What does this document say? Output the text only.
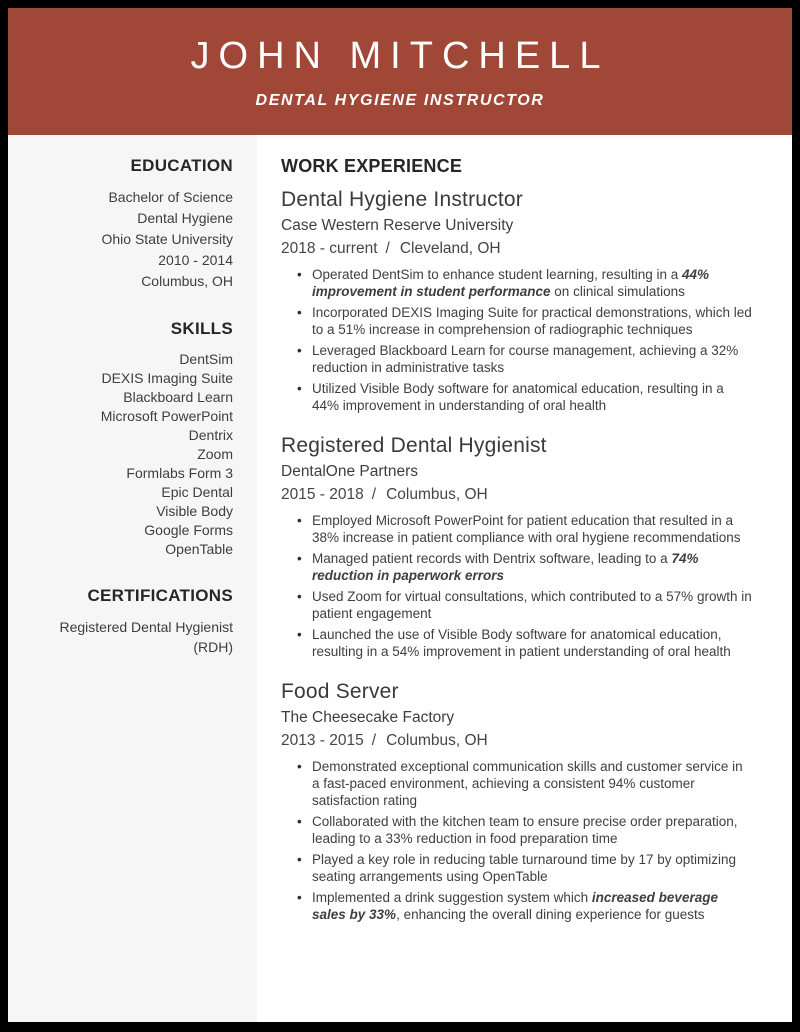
JOHN MITCHELL
DENTAL HYGIENE INSTRUCTOR
EDUCATION
Bachelor of Science
Dental Hygiene
Ohio State University
2010 - 2014
Columbus, OH
SKILLS
DentSim
DEXIS Imaging Suite
Blackboard Learn
Microsoft PowerPoint
Dentrix
Zoom
Formlabs Form 3
Epic Dental
Visible Body
Google Forms
OpenTable
CERTIFICATIONS
Registered Dental Hygienist (RDH)
WORK EXPERIENCE
Dental Hygiene Instructor
Case Western Reserve University
2018 - current / Cleveland, OH
• Operated DentSim to enhance student learning, resulting in a 44% improvement in student performance on clinical simulations
• Incorporated DEXIS Imaging Suite for practical demonstrations, which led to a 51% increase in comprehension of radiographic techniques
• Leveraged Blackboard Learn for course management, achieving a 32% reduction in administrative tasks
• Utilized Visible Body software for anatomical education, resulting in a 44% improvement in understanding of oral health
Registered Dental Hygienist
DentalOne Partners
2015 - 2018 / Columbus, OH
• Employed Microsoft PowerPoint for patient education that resulted in a 38% increase in patient compliance with oral hygiene recommendations
• Managed patient records with Dentrix software, leading to a 74% reduction in paperwork errors
• Used Zoom for virtual consultations, which contributed to a 57% growth in patient engagement
• Launched the use of Visible Body software for anatomical education, resulting in a 54% improvement in patient understanding of oral health
Food Server
The Cheesecake Factory
2013 - 2015 / Columbus, OH
• Demonstrated exceptional communication skills and customer service in a fast-paced environment, achieving a consistent 94% customer satisfaction rating
• Collaborated with the kitchen team to ensure precise order preparation, leading to a 33% reduction in food preparation time
• Played a key role in reducing table turnaround time by 17 by optimizing seating arrangements using OpenTable
• Implemented a drink suggestion system which increased beverage sales by 33%, enhancing the overall dining experience for guests
